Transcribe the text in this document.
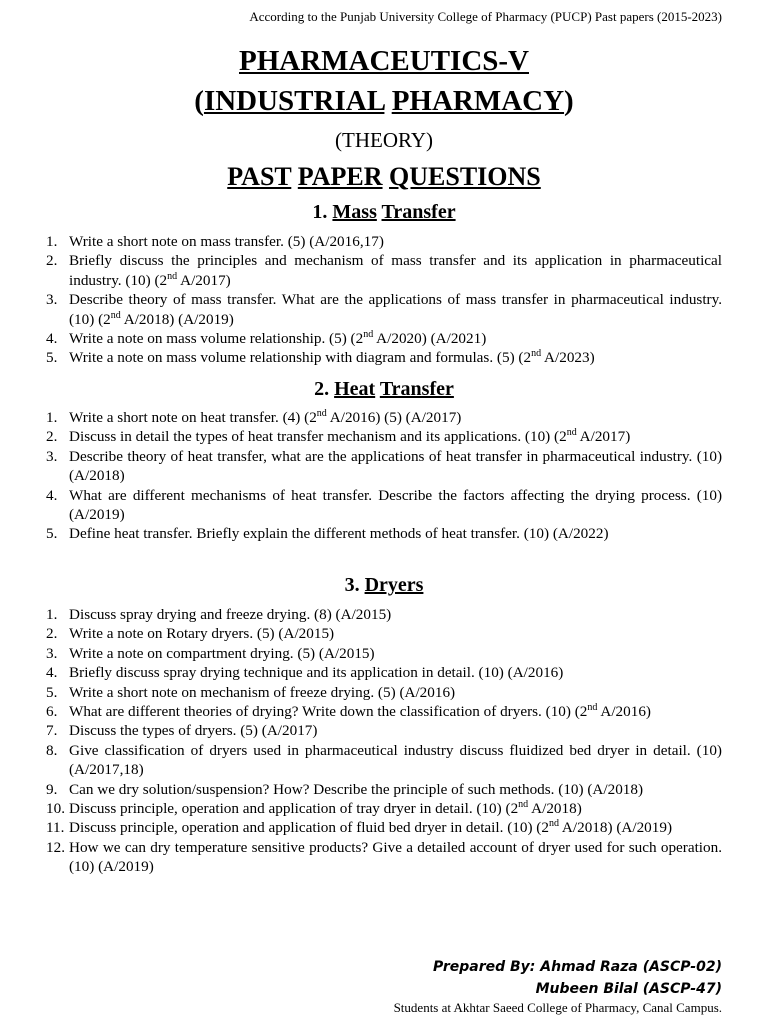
According to the Punjab University College of Pharmacy (PUCP) Past papers (2015-2023)
PHARMACEUTICS-V
(INDUSTRIAL PHARMACY)
(THEORY)
PAST PAPER QUESTIONS
1. Mass Transfer
1. Write a short note on mass transfer. (5) (A/2016,17)
2. Briefly discuss the principles and mechanism of mass transfer and its application in pharmaceutical industry. (10) (2nd A/2017)
3. Describe theory of mass transfer. What are the applications of mass transfer in pharmaceutical industry. (10) (2nd A/2018) (A/2019)
4. Write a note on mass volume relationship. (5) (2nd A/2020) (A/2021)
5. Write a note on mass volume relationship with diagram and formulas. (5) (2nd A/2023)
2. Heat Transfer
1. Write a short note on heat transfer. (4) (2nd A/2016) (5) (A/2017)
2. Discuss in detail the types of heat transfer mechanism and its applications. (10) (2nd A/2017)
3. Describe theory of heat transfer, what are the applications of heat transfer in pharmaceutical industry. (10) (A/2018)
4. What are different mechanisms of heat transfer. Describe the factors affecting the drying process. (10) (A/2019)
5. Define heat transfer. Briefly explain the different methods of heat transfer. (10) (A/2022)
3. Dryers
1. Discuss spray drying and freeze drying. (8) (A/2015)
2. Write a note on Rotary dryers. (5) (A/2015)
3. Write a note on compartment drying. (5) (A/2015)
4. Briefly discuss spray drying technique and its application in detail. (10) (A/2016)
5. Write a short note on mechanism of freeze drying. (5) (A/2016)
6. What are different theories of drying? Write down the classification of dryers. (10) (2nd A/2016)
7. Discuss the types of dryers. (5) (A/2017)
8. Give classification of dryers used in pharmaceutical industry discuss fluidized bed dryer in detail. (10) (A/2017,18)
9. Can we dry solution/suspension? How? Describe the principle of such methods. (10) (A/2018)
10. Discuss principle, operation and application of tray dryer in detail. (10) (2nd A/2018)
11. Discuss principle, operation and application of fluid bed dryer in detail. (10) (2nd A/2018) (A/2019)
12. How we can dry temperature sensitive products? Give a detailed account of dryer used for such operation. (10) (A/2019)
Prepared By: Ahmad Raza (ASCP-02)
Mubeen Bilal (ASCP-47)
Students at Akhtar Saeed College of Pharmacy, Canal Campus.
